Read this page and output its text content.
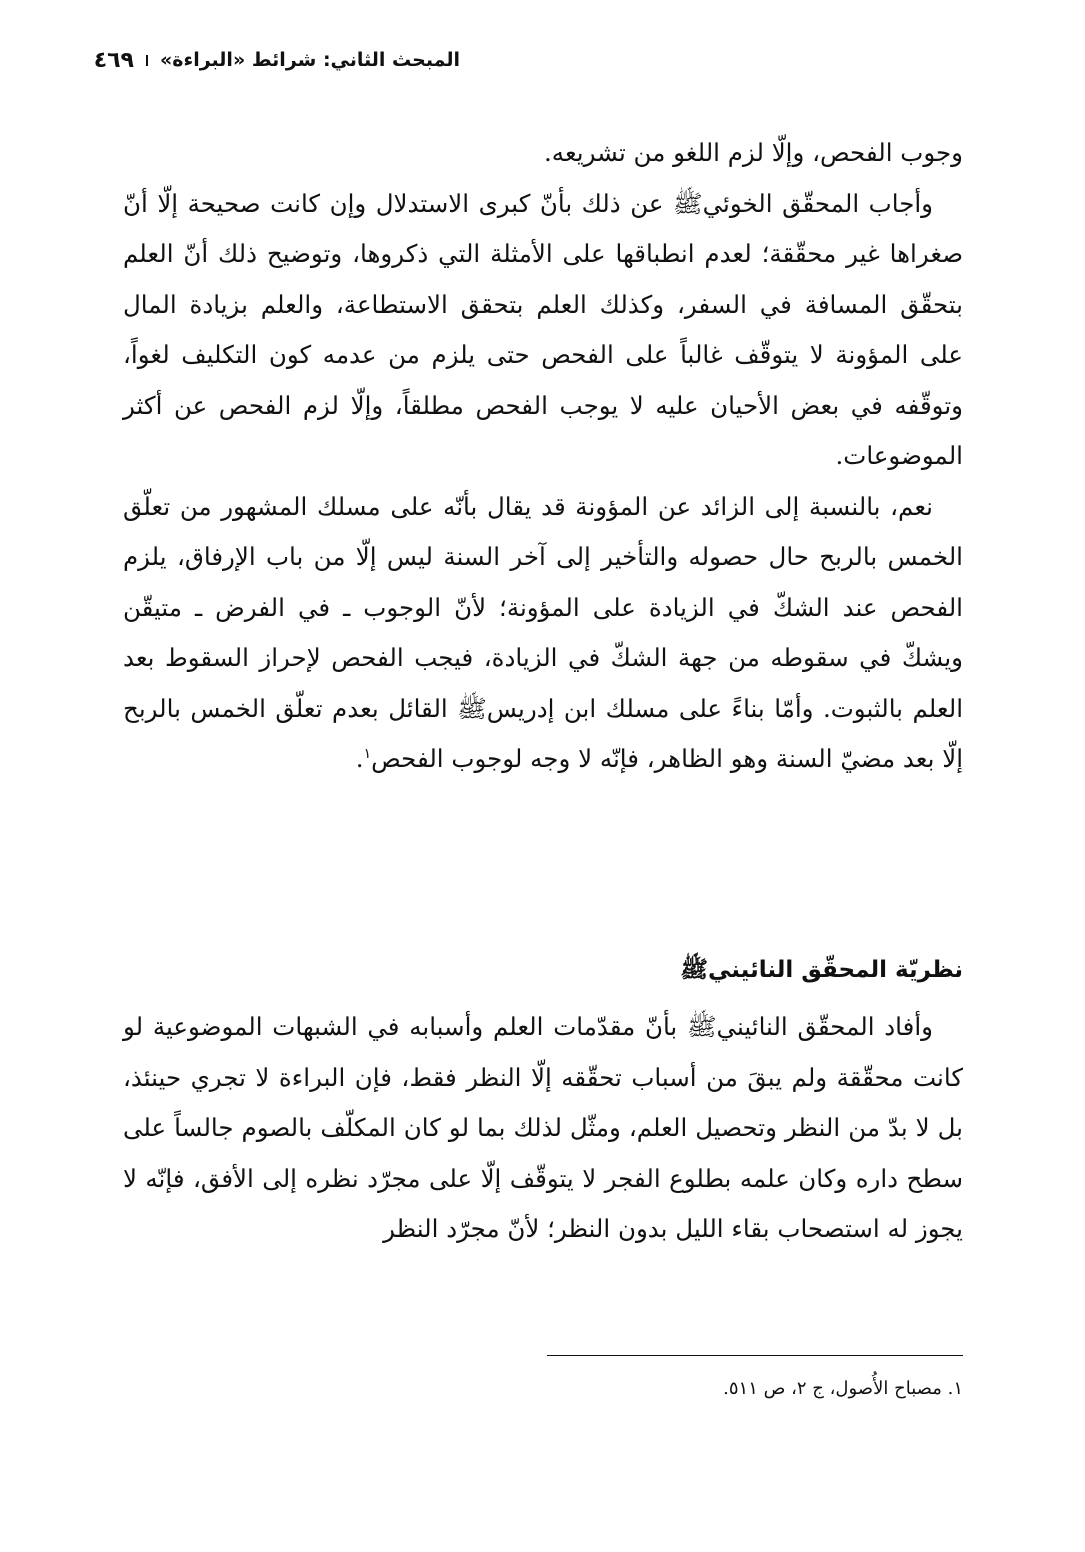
المبحث الثاني: شرائط «البراءة»
٤٦٩

وجوب الفحص، وإلّا لزم اللغو من تشريعه.

وأجاب المحقّق الخوئيﷺ عن ذلك بأنّ كبرى الاستدلال وإن كانت صحيحة إلّا أنّ صغراها غير محقّقة؛ لعدم انطباقها على الأمثلة التي ذكروها، وتوضيح ذلك أنّ العلم بتحقّق المسافة في السفر، وكذلك العلم بتحقق الاستطاعة، والعلم بزيادة المال على المؤونة لا يتوقّف غالباً على الفحص حتى يلزم من عدمه كون التكليف لغواً، وتوقّفه في بعض الأحيان عليه لا يوجب الفحص مطلقاً، وإلّا لزم الفحص عن أكثر الموضوعات.

نعم، بالنسبة إلى الزائد عن المؤونة قد يقال بأنّه على مسلك المشهور من تعلّق الخمس بالربح حال حصوله والتأخير إلى آخر السنة ليس إلّا من باب الإرفاق، يلزم الفحص عند الشكّ في الزيادة على المؤونة؛ لأنّ الوجوب ـ في الفرض ـ متيقّن ويشكّ في سقوطه من جهة الشكّ في الزيادة، فيجب الفحص لإحراز السقوط بعد العلم بالثبوت. وأمّا بناءً على مسلك ابن إدريسﷺ القائل بعدم تعلّق الخمس بالربح إلّا بعد مضيّ السنة وهو الظاهر، فإنّه لا وجه لوجوب الفحص$^١$.

نظريّة المحقّق النائينيﷺ

وأفاد المحقّق النائينيﷺ بأنّ مقدّمات العلم وأسبابه في الشبهات الموضوعية لو كانت محقّقة ولم يبقَ من أسباب تحقّقه إلّا النظر فقط، فإن البراءة لا تجري حينئذ، بل لا بدّ من النظر وتحصيل العلم، ومثّل لذلك بما لو كان المكلّف بالصوم جالساً على سطح داره وكان علمه بطلوع الفجر لا يتوقّف إلّا على مجرّد نظره إلى الأفق، فإنّه لا يجوز له استصحاب بقاء الليل بدون النظر؛ لأنّ مجرّد النظر

١. مصباح الأُصول، ج ٢، ص ٥١١.
